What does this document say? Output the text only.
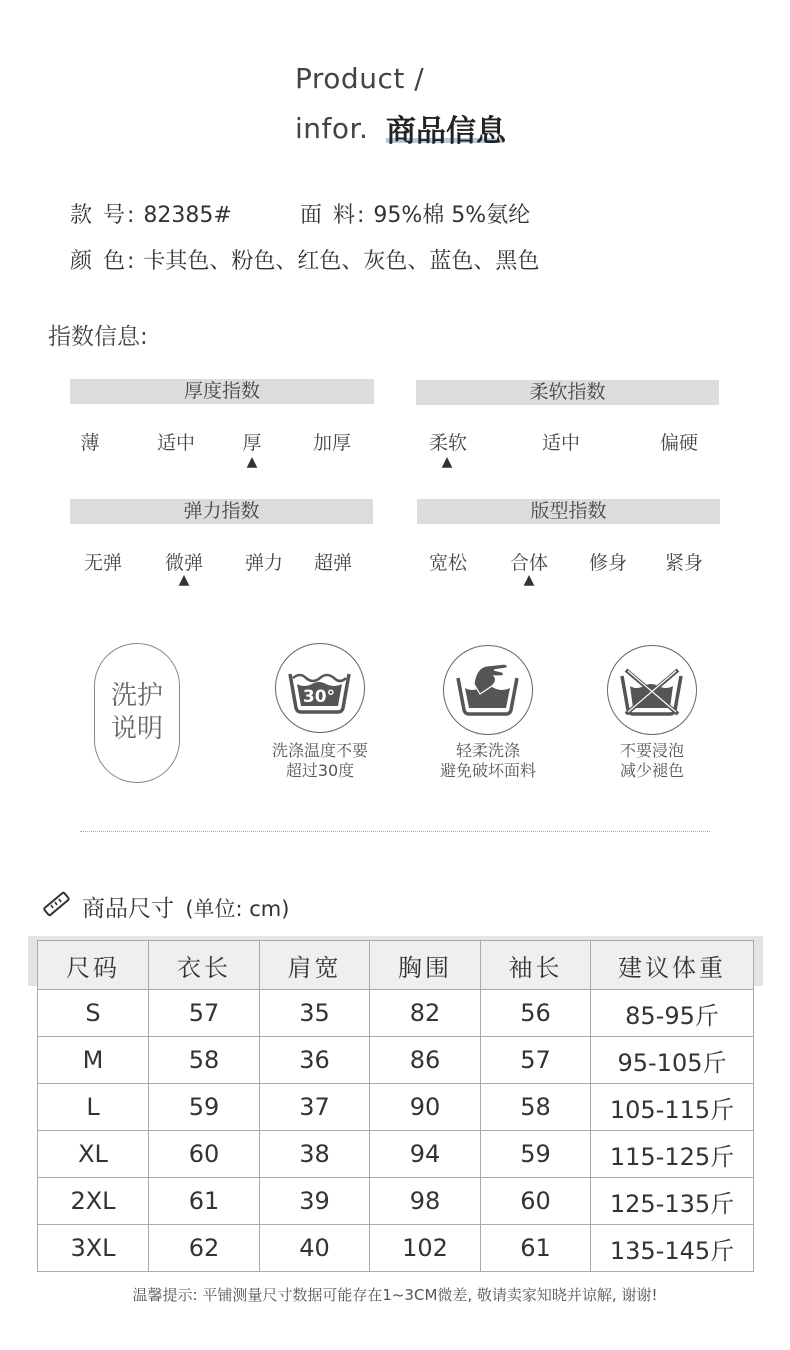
Product /
infor. 商品信息
款 号: 82385#	面 料: 95%棉 5%氨纶
颜 色: 卡其色、粉色、红色、灰色、蓝色、黑色
指数信息:
厚度指数	柔软指数
弹力指数	版型指数
薄	适中	厚	加厚
▲
柔软	适中	偏硬
▲
无弹	微弹	弹力	超弹
▲
宽松	合体	修身	紧身
▲
洗护
说明
30°
洗涤温度不要
超过30度
轻柔洗涤
避免破坏面料
不要浸泡
减少褪色
商品尺寸 (单位: cm)
尺码	衣长	肩宽	胸围	袖长	建议体重
S	57	35	82	56	85-95斤
M	58	36	86	57	95-105斤
L	59	37	90	58	105-115斤
XL	60	38	94	59	115-125斤
2XL	61	39	98	60	125-135斤
3XL	62	40	102	61	135-145斤
温馨提示: 平铺测量尺寸数据可能存在1~3CM微差, 敬请卖家知晓并谅解, 谢谢!
